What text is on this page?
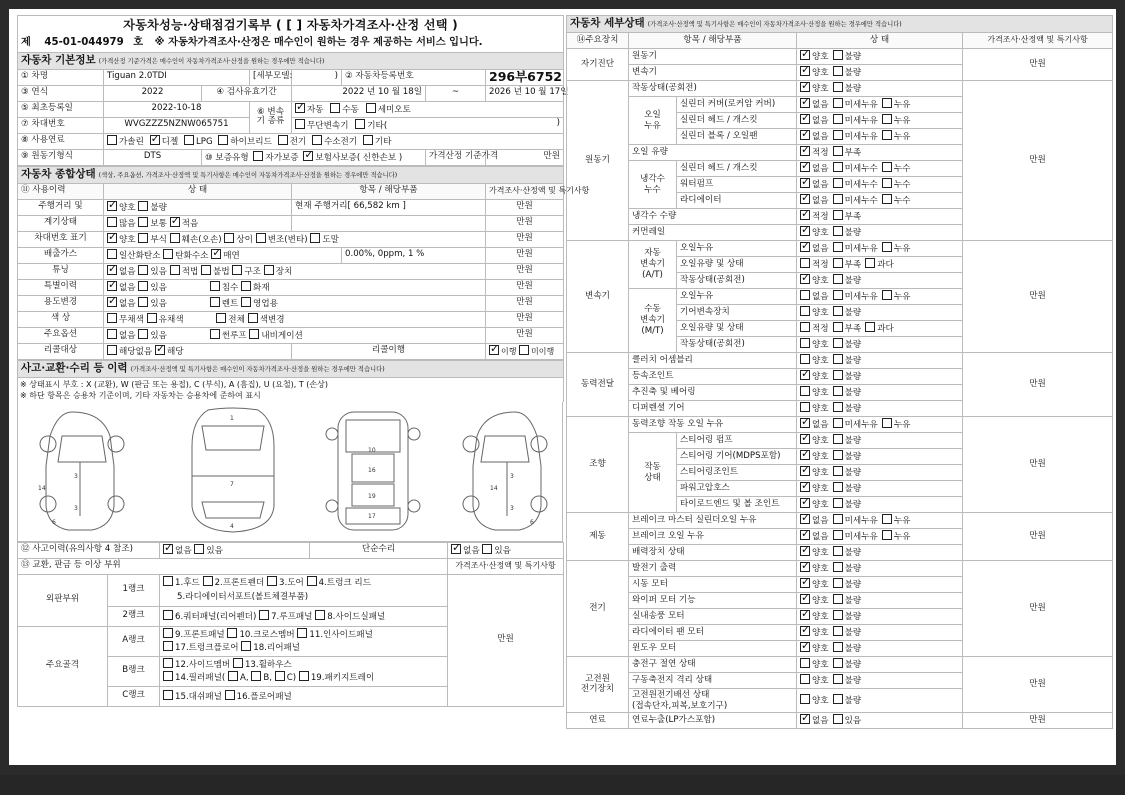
자동차성능·상태점검기록부 ( [ ] 자동차가격조사·산정 선택 )
제 45-01-044979 호 ※ 자동차가격조사·산정은 매수인이 원하는 경우 제공하는 서비스 입니다.
자동차 기본정보 (가격산정 기준가격은 매수인이 자동차가격조사·산정을 원하는 경우에만 적습니다)							
① 차명	Tiguan 2.0TDI		[세부모델:	)	② 자동차등록번호		296부6752
③ 연식	2022	④ 검사유효기간		2022 년 10 월 18일		~	2026 년 10 월 17일
⑤ 최초등록일	2022-10-18		⑥ 변속기 종류	✓자동 수동 세미오토
⑦ 차대번호	WVGZZZ5NZNW065751			무단변속기 기타( )			

⑧ 사용연료	가솔린 ✓ 디젤 LPG 하이브리드 전기 수소전기 기타
⑨ 원동기형식	DTS	⑩ 보증유형 자가보증 ✓ 보험사보증( 신한손보 )				가격산정 기준가격	만원
자동차 종합상태 (색상, 주요옵션, 가격조사·산정액 및 특기사항은 매수인이 자동차가격조사·산정을 원하는 경우에만 적습니다)				
⑪ 사용이력	상 태	항목 / 해당부품		가격조사·산정액 및 특기사항
주행거리 및	✓양호 불량	현재 주행거리[ 66,582 km ]		만원
계기상태	많음 보통 ✓ 적음			만원
차대번호 표기	✓양호 부식 훼손(오손) 상이 변조(변타) 도말			만원
배출가스	일산화탄소 탄화수소 ✓ 매연		0.00%, 0ppm, 1 %	만원
튜닝	✓없음 있음 적법 불법 구조 장치			만원
특별이력	✓없음 있음 침수 화재			만원
용도변경	✓없음 있음 렌트 영업용			만원
색 상	무채색 유채색 전체 색변경			만원
주요옵션	없음 있음 썬루프 내비게이션			만원
리콜대상	해당없음 ✓ 해당	리콜이행	✓이행 미이행
사고·교환·수리 등 이력 (가격조사·산정액 및 특기사항은 매수인이 자동차가격조사·산정을 원하는 경우에만 적습니다)

※ 상태표시 부호 : X (교환), W (판금 또는 용접), C (부식), A (흠집), U (요철), T (손상)
※ 하단 항목은 승용차 기준이며, 기타 자동차는 승용차에 준하여 표시
3
3
6
14
1
7
4
10
16
19
17
3
3
14
6
⑫ 사고이력(유의사항 4 참조)	✓없음 있음	단순수리	✓없음 있음
⑬ 교환, 판금 등 이상 부위				가격조사·산정액 및 특기사항
외판부위	1랭크	1.후드 2.프론트펜더 3.도어 4.트렁크 리드
5.라디에이터서포트(볼트체결부품)		만원
	2랭크	6.쿼터패널(리어펜더) 7.루프패널 8.사이드실패널		
주요골격	A랭크	9.프론트패널 10.크로스멤버 11.인사이드패널
17.트렁크플로어 18.리어패널		

	B랭크	12.사이드멤버 13.휠하우스
14.필러패널( A, B, C) 19.패키지트레이		

	C랭크	15.대쉬패널 16.플로어패널		
자동차 세부상태 (가격조사·산정액 및 특기사항은 매수인이 자동차가격조사·산정을 원하는 경우에만 적습니다)				
⑭주요장치	항목 / 해당부품		상 태	가격조사·산정액 및 특기사항
자기진단	원동기	✓양호 불량	만원
	변속기	✓양호 불량
원동기	작동상태(공회전)	✓양호 불량	만원
	오일
누유	실린더 커버(로커암 커버)	✓없음 미세누유 누유
		실린더 헤드 / 개스킷	✓없음 미세누유 누유
		실린더 블록 / 오일팬	✓없음 미세누유 누유
	오일 유량	✓적정 부족
	냉각수
누수	실린더 헤드 / 개스킷	✓없음 미세누수 누수
		워터펌프	✓없음 미세누수 누수
		라디에이터	✓없음 미세누수 누수
	냉각수 수량	✓적정 부족
	커먼레일	✓양호 불량
변속기	자동
변속기
(A/T)	오일누유	✓없음 미세누유 누유	만원
		오일유량 및 상태	적정 부족 과다	
		작동상태(공회전)	✓양호 불량
	수동
변속기
(M/T)	오일누유	없음 미세누유 누유	
		기어변속장치	양호 불량	
		오일유량 및 상태	적정 부족 과다	
		작동상태(공회전)	양호 불량	
동력전달	클러치 어셈블리		양호 불량	만원
	등속조인트	✓양호 불량
	추진축 및 베어링		양호 불량	
	디퍼렌셜 기어		양호 불량	
조향	동력조향 작동 오일 누유	✓없음 미세누유 누유	만원
	작동
상태	스티어링 펌프	✓양호 불량
		스티어링 기어(MDPS포함)	✓양호 불량
		스티어링조인트	✓양호 불량
		파워고압호스	✓양호 불량
		타이로드엔드 및 볼 조인트	✓양호 불량
제동	브레이크 마스터 실린더오일 누유	✓없음 미세누유 누유	만원
	브레이크 오일 누유	✓없음 미세누유 누유
	배력장치 상태	✓양호 불량
전기	발전기 출력	✓양호 불량	만원
	시동 모터	✓양호 불량
	와이퍼 모터 기능	✓양호 불량
	실내송풍 모터	✓양호 불량
	라디에이터 팬 모터	✓양호 불량
	윈도우 모터	✓양호 불량
고전원
전기장치	충전구 절연 상태		양호 불량	만원
	구동축전지 격리 상태		양호 불량	
	고전원전기배선 상태
(접속단자,피복,보호기구)		양호 불량	
연료	연료누출(LP가스포함)	✓없음 있음	만원
